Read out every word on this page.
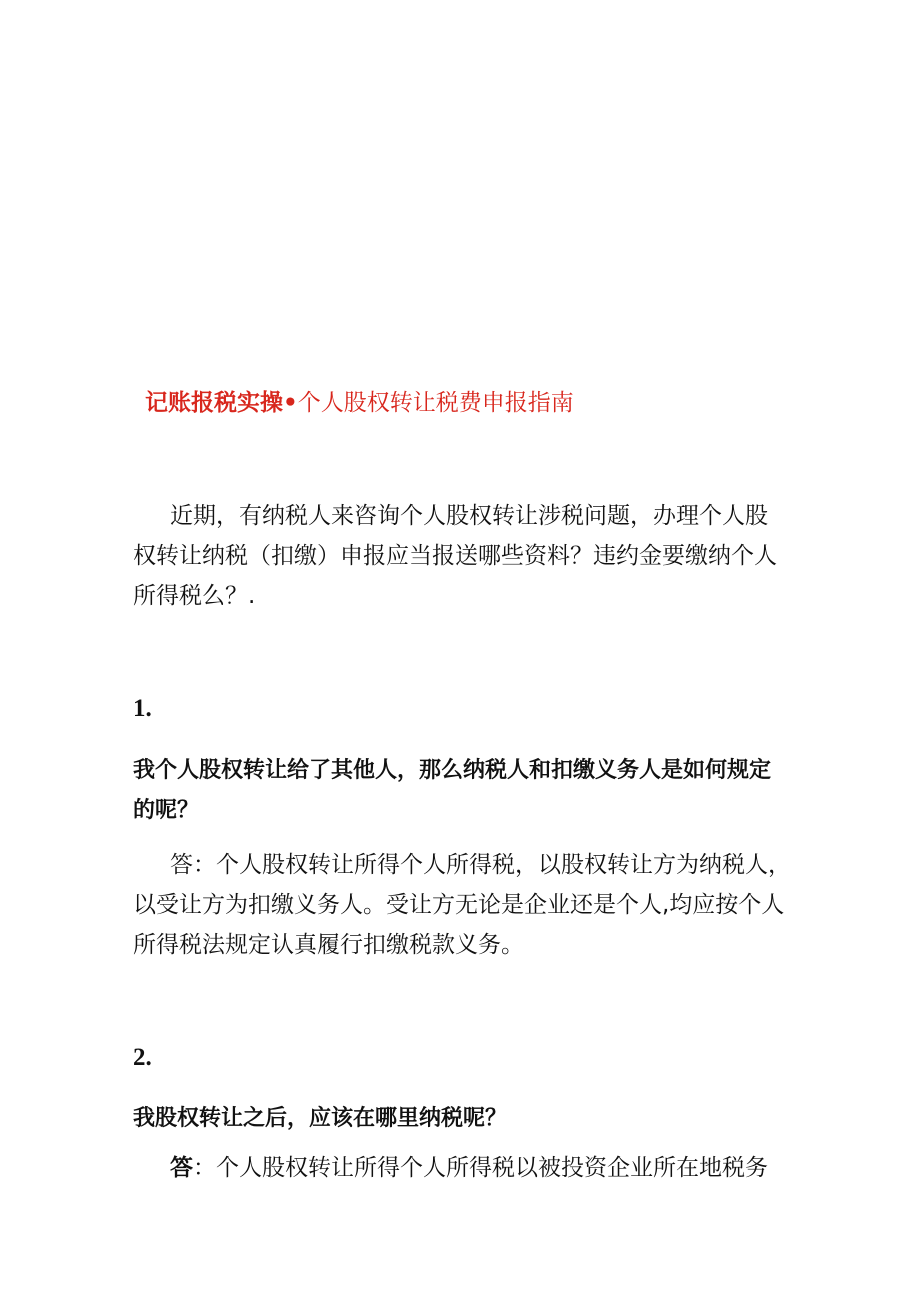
记账报税实操•个人股权转让税费申报指南

近期，有纳税人来咨询个人股权转让涉税问题，办理个人股

权转让纳税（扣缴）申报应当报送哪些资料？违约金要缴纳个人

所得税么？.

1.

我个人股权转让给了其他人，那么纳税人和扣缴义务人是如何规定

的呢？

答：个人股权转让所得个人所得税，以股权转让方为纳税人，

以受让方为扣缴义务人。受让方无论是企业还是个人,均应按个人

所得税法规定认真履行扣缴税款义务。

2.

我股权转让之后，应该在哪里纳税呢？

答：个人股权转让所得个人所得税以被投资企业所在地税务
